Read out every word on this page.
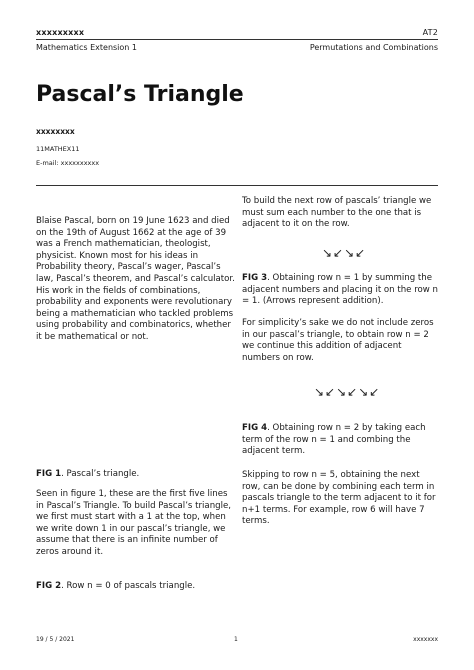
xxxxxxxxx	AT2
Mathematics Extension 1	Permutations and Combinations
Pascal’s Triangle
xxxxxxxx
11MATHEX11
E-mail: xxxxxxxxxx

Blaise Pascal, born on 19 June 1623 and died on the 19th of August 1662 at the age of 39 was a French mathematician, theologist, physicist. Known most for his ideas in Probability theory, Pascal’s wager, Pascal’s law, Pascal’s theorem, and Pascal’s calculator. His work in the fields of combinations, probability and exponents were revolutionary being a mathematician who tackled problems using probability and combinatorics, whether it be mathematical or not.

FIG 1. Pascal’s triangle.

Seen in figure 1, these are the first five lines in Pascal’s Triangle. To build Pascal’s triangle, we first must start with a 1 at the top, when we write down 1 in our pascal’s triangle, we assume that there is an infinite number of zeros around it.

FIG 2. Row n = 0 of pascals triangle.

To build the next row of pascals’ triangle we must sum each number to the one that is adjacent to it on the row.

↘↙↘↙
FIG 3. Obtaining row n = 1 by summing the adjacent numbers and placing it on the row n = 1. (Arrows represent addition).

For simplicity’s sake we do not include zeros in our pascal’s triangle, to obtain row n = 2 we continue this addition of adjacent numbers on row.

↘↙↘↙↘↙
FIG 4. Obtaining row n = 2 by taking each term of the row n = 1 and combing the adjacent term.

Skipping to row n = 5, obtaining the next row, can be done by combining each term in pascals triangle to the term adjacent to it for n+1 terms. For example, row 6 will have 7 terms.

19 / 5 / 2021	1	xxxxxxx
